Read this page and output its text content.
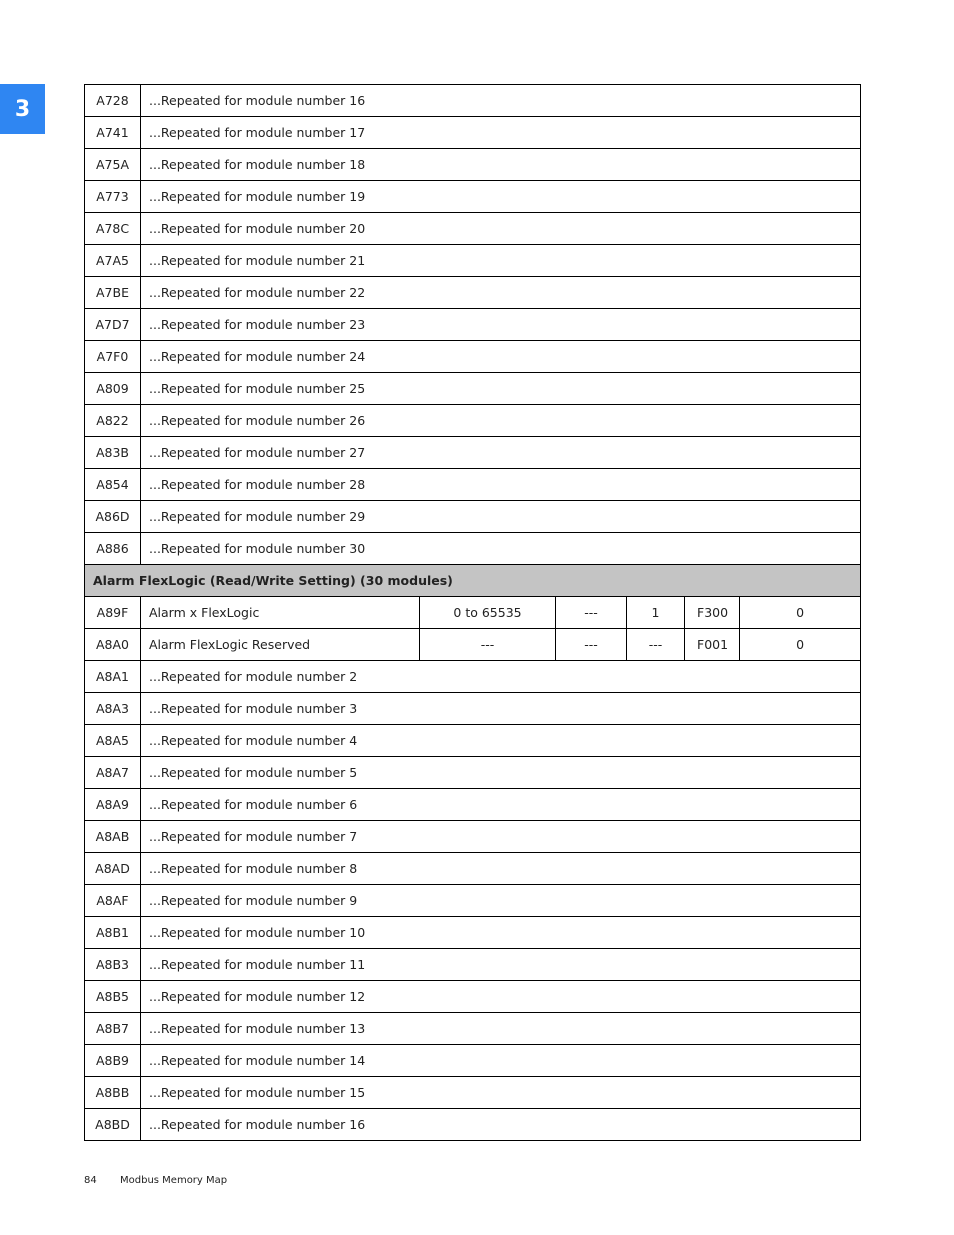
3	A728	...Repeated for module number 16					
A741	...Repeated for module number 17					
A75A	...Repeated for module number 18					
A773	...Repeated for module number 19					
A78C	...Repeated for module number 20					
A7A5	...Repeated for module number 21					
A7BE	...Repeated for module number 22					
A7D7	...Repeated for module number 23					
A7F0	...Repeated for module number 24					
A809	...Repeated for module number 25					
A822	...Repeated for module number 26					
A83B	...Repeated for module number 27					
A854	...Repeated for module number 28					
A86D	...Repeated for module number 29					
A886	...Repeated for module number 30					
Alarm FlexLogic (Read/Write Setting) (30 modules)						
A89F	Alarm x FlexLogic	0 to 65535	---	1	F300	0
A8A0	Alarm FlexLogic Reserved	---	---	---	F001	0
A8A1	...Repeated for module number 2					
A8A3	...Repeated for module number 3					
A8A5	...Repeated for module number 4					
A8A7	...Repeated for module number 5					
A8A9	...Repeated for module number 6					
A8AB	...Repeated for module number 7					
A8AD	...Repeated for module number 8					
A8AF	...Repeated for module number 9					
A8B1	...Repeated for module number 10					
A8B3	...Repeated for module number 11					
A8B5	...Repeated for module number 12					
A8B7	...Repeated for module number 13					
A8B9	...Repeated for module number 14					
A8BB	...Repeated for module number 15					
A8BD	...Repeated for module number 16					
84 Modbus Memory Map
